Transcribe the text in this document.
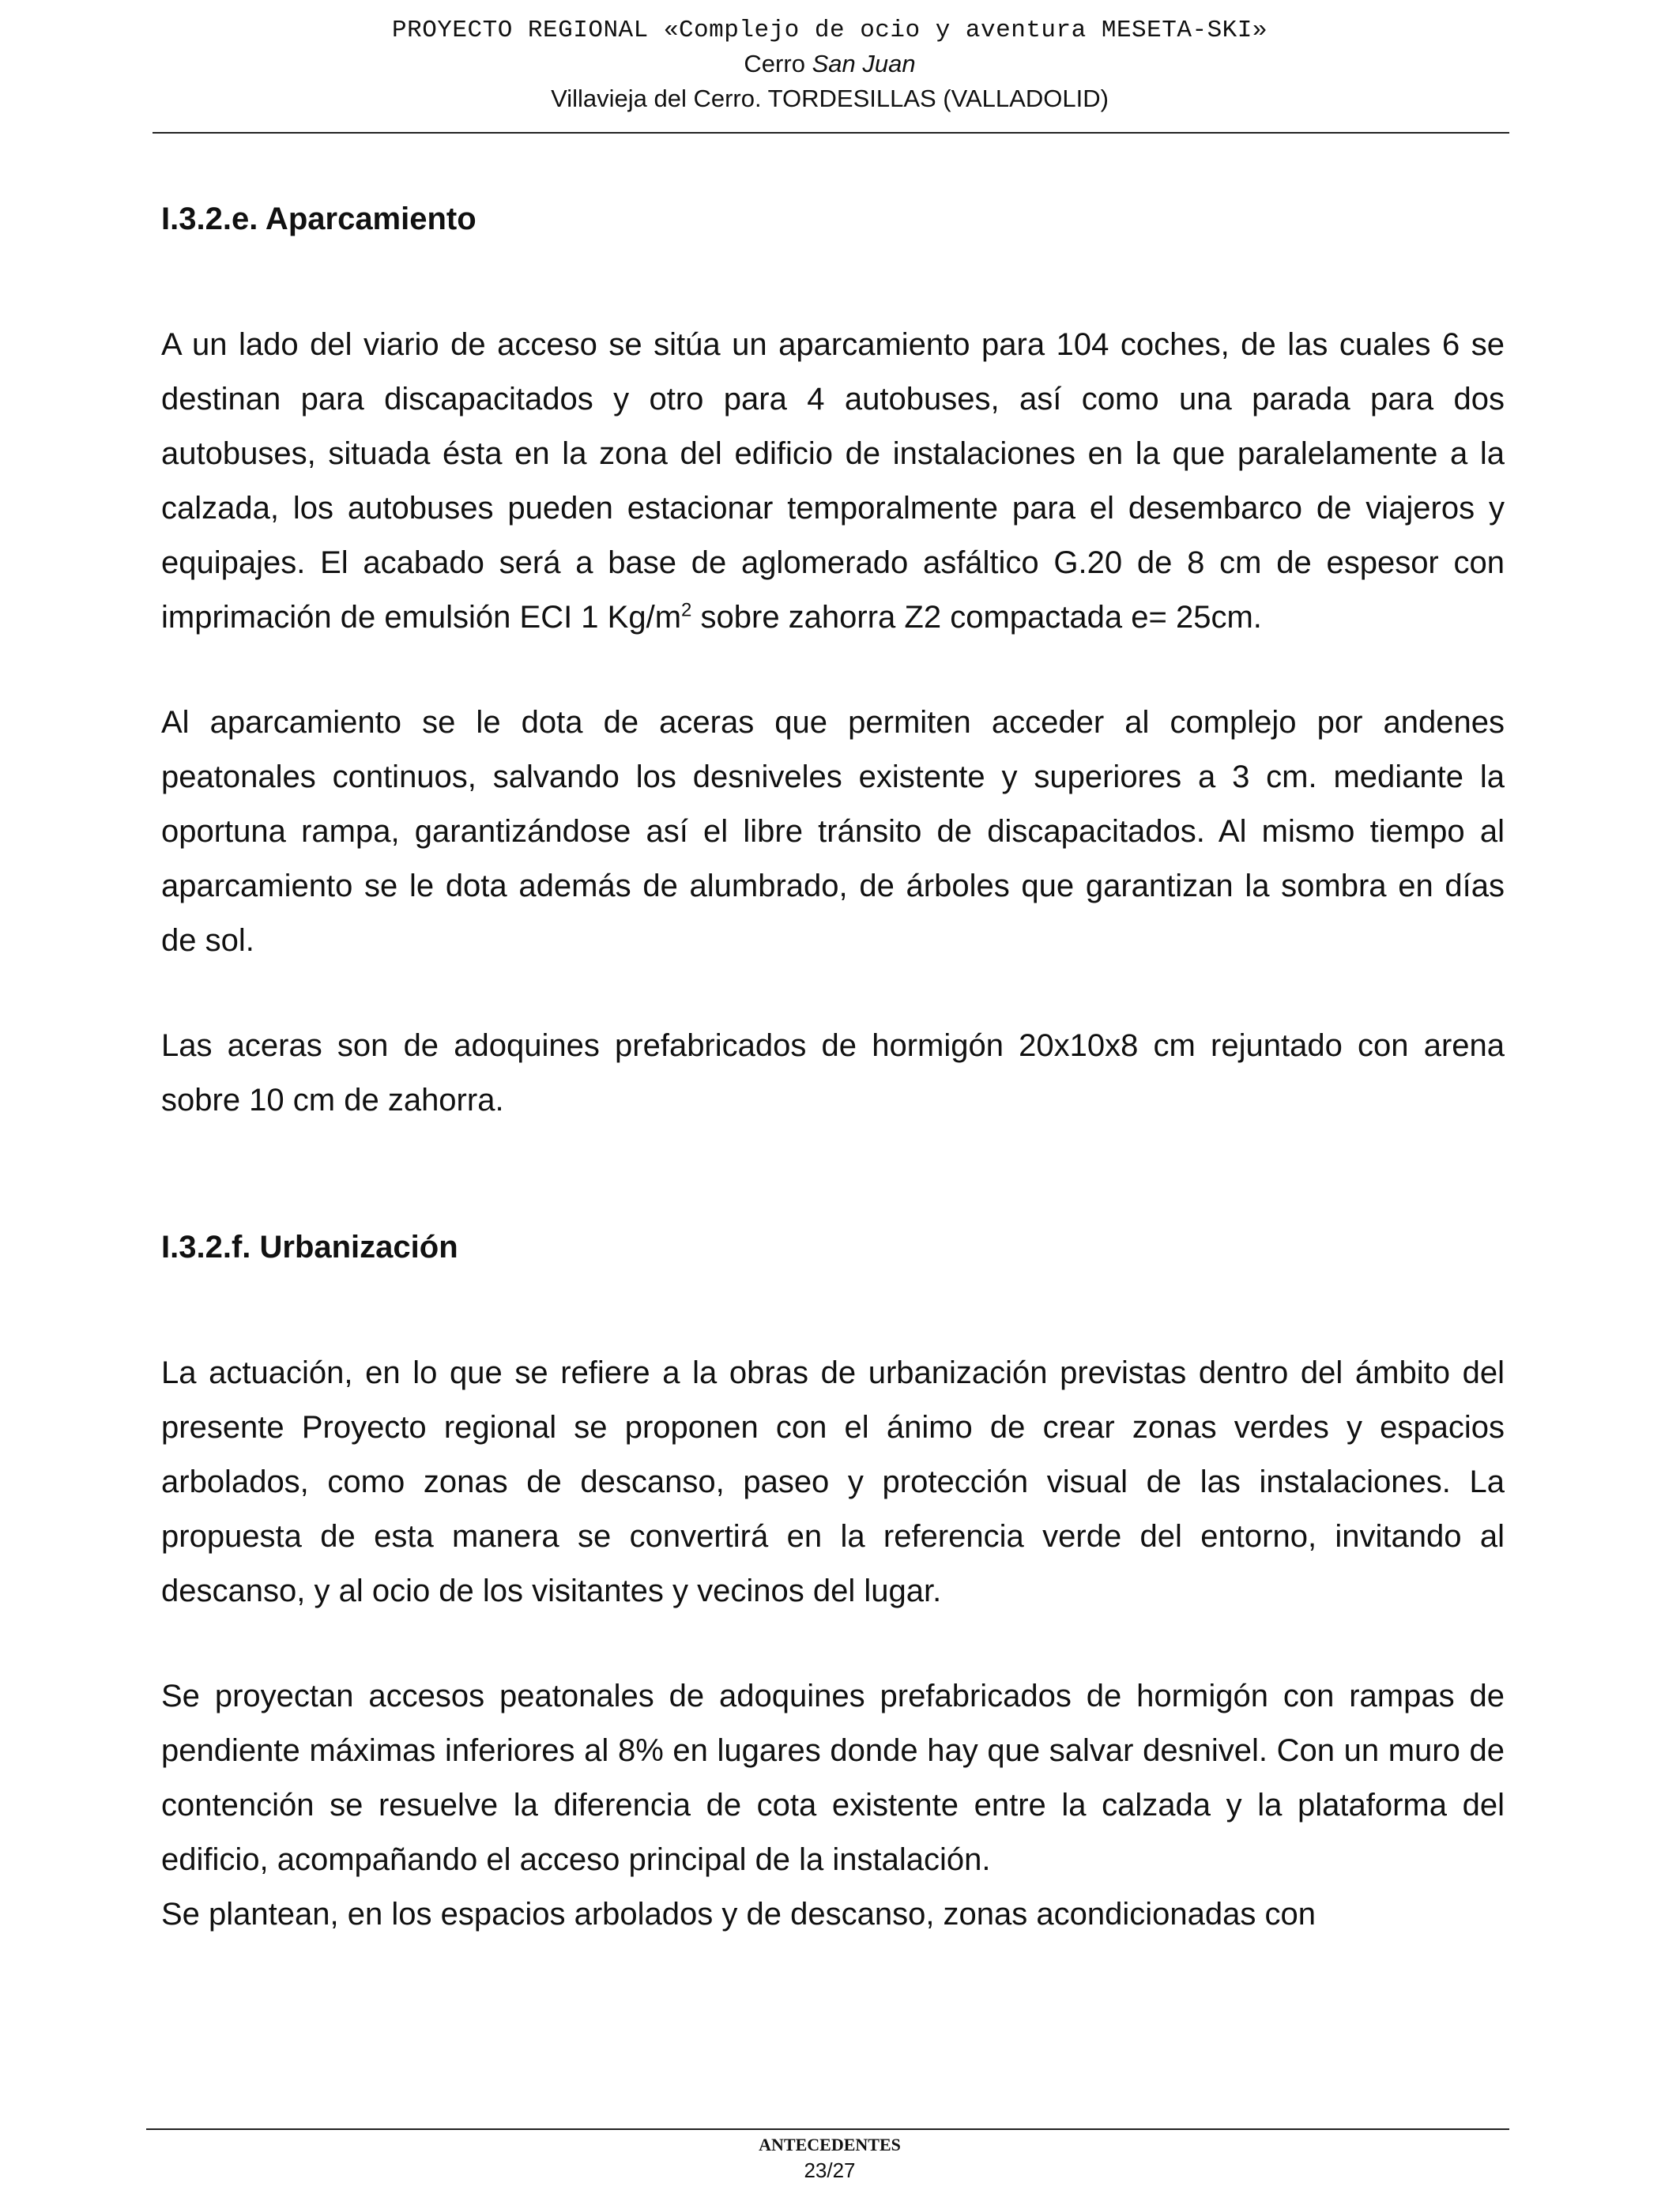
PROYECTO REGIONAL «Complejo de ocio y aventura MESETA-SKI»
Cerro San Juan
Villavieja del Cerro. TORDESILLAS (VALLADOLID)
I.3.2.e. Aparcamiento

A un lado del viario de acceso se sitúa un aparcamiento para 104 coches, de las cuales 6 se destinan para discapacitados y otro para 4 autobuses, así como una parada para dos autobuses, situada ésta en la zona del edificio de instalaciones en la que paralelamente a la calzada, los autobuses pueden estacionar temporalmente para el desembarco de viajeros y equipajes. El acabado será a base de aglomerado asfáltico G.20 de 8 cm de espesor con imprimación de emulsión ECI 1 $Kg/m^2$ sobre zahorra Z2 compactada e= 25cm.

Al aparcamiento se le dota de aceras que permiten acceder al complejo por andenes peatonales continuos, salvando los desniveles existente y superiores a 3 cm. mediante la oportuna rampa, garantizándose así el libre tránsito de discapacitados. Al mismo tiempo al aparcamiento se le dota además de alumbrado, de árboles que garantizan la sombra en días de sol.

Las aceras son de adoquines prefabricados de hormigón 20x10x8 cm rejuntado con arena sobre 10 cm de zahorra.

I.3.2.f. Urbanización

La actuación, en lo que se refiere a la obras de urbanización previstas dentro del ámbito del presente Proyecto regional se proponen con el ánimo de crear zonas verdes y espacios arbolados, como zonas de descanso, paseo y protección visual de las instalaciones. La propuesta de esta manera se convertirá en la referencia verde del entorno, invitando al descanso, y al ocio de los visitantes y vecinos del lugar.

Se proyectan accesos peatonales de adoquines prefabricados de hormigón con rampas de pendiente máximas inferiores al 8% en lugares donde hay que salvar desnivel. Con un muro de contención se resuelve la diferencia de cota existente entre la calzada y la plataforma del edificio, acompañando el acceso principal de la instalación.

Se plantean, en los espacios arbolados y de descanso, zonas acondicionadas con

ANTECEDENTES
23/27
